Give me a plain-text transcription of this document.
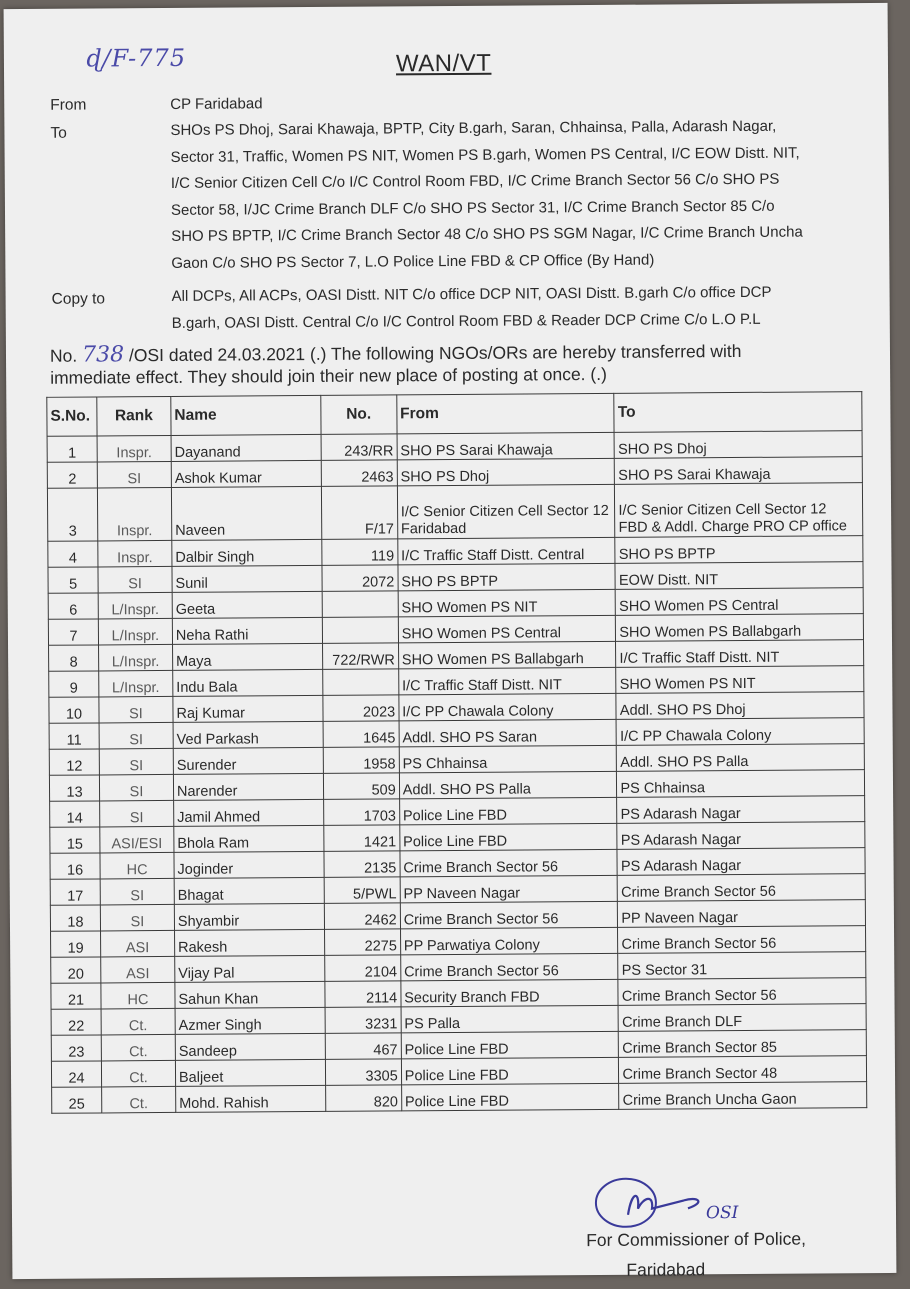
ɖ/F-775	WAN/VT
From	CP Faridabad
To	SHOs PS Dhoj, Sarai Khawaja, BPTP, City B.garh, Saran, Chhainsa, Palla, Adarash Nagar,
Sector 31, Traffic, Women PS NIT, Women PS B.garh, Women PS Central, I/C EOW Distt. NIT,
I/C Senior Citizen Cell C/o I/C Control Room FBD, I/C Crime Branch Sector 56 C/o SHO PS
Sector 58, I/JC Crime Branch DLF C/o SHO PS Sector 31, I/C Crime Branch Sector 85 C/o
SHO PS BPTP, I/C Crime Branch Sector 48 C/o SHO PS SGM Nagar, I/C Crime Branch Uncha
Gaon C/o SHO PS Sector 7, L.O Police Line FBD & CP Office (By Hand)
Copy to	All DCPs, All ACPs, OASI Distt. NIT C/o office DCP NIT, OASI Distt. B.garh C/o office DCP
B.garh, OASI Distt. Central C/o I/C Control Room FBD & Reader DCP Crime C/o L.O P.L
No. 738 /OSI dated 24.03.2021 (.) The following NGOs/ORs are hereby transferred with
immediate effect. They should join their new place of posting at once. (.)
S.No.	Rank	Name	No.	From	To
1	Inspr.	Dayanand	243/RR	SHO PS Sarai Khawaja	SHO PS Dhoj
2	SI	Ashok Kumar	2463	SHO PS Dhoj	SHO PS Sarai Khawaja
3	Inspr.	Naveen	F/17	I/C Senior Citizen Cell Sector 12 Faridabad	I/C Senior Citizen Cell Sector 12 FBD & Addl. Charge PRO CP office
4	Inspr.	Dalbir Singh	119	I/C Traffic Staff Distt. Central	SHO PS BPTP
5	SI	Sunil	2072	SHO PS BPTP	EOW Distt. NIT
6	L/Inspr.	Geeta		SHO Women PS NIT	SHO Women PS Central
7	L/Inspr.	Neha Rathi		SHO Women PS Central	SHO Women PS Ballabgarh
8	L/Inspr.	Maya	722/RWR	SHO Women PS Ballabgarh	I/C Traffic Staff Distt. NIT
9	L/Inspr.	Indu Bala		I/C Traffic Staff Distt. NIT	SHO Women PS NIT
10	SI	Raj Kumar	2023	I/C PP Chawala Colony	Addl. SHO PS Dhoj
11	SI	Ved Parkash	1645	Addl. SHO PS Saran	I/C PP Chawala Colony
12	SI	Surender	1958	PS Chhainsa	Addl. SHO PS Palla
13	SI	Narender	509	Addl. SHO PS Palla	PS Chhainsa
14	SI	Jamil Ahmed	1703	Police Line FBD	PS Adarash Nagar
15	ASI/ESI	Bhola Ram	1421	Police Line FBD	PS Adarash Nagar
16	HC	Joginder	2135	Crime Branch Sector 56	PS Adarash Nagar
17	SI	Bhagat	5/PWL	PP Naveen Nagar	Crime Branch Sector 56
18	SI	Shyambir	2462	Crime Branch Sector 56	PP Naveen Nagar
19	ASI	Rakesh	2275	PP Parwatiya Colony	Crime Branch Sector 56
20	ASI	Vijay Pal	2104	Crime Branch Sector 56	PS Sector 31
21	HC	Sahun Khan	2114	Security Branch FBD	Crime Branch Sector 56
22	Ct.	Azmer Singh	3231	PS Palla	Crime Branch DLF
23	Ct.	Sandeep	467	Police Line FBD	Crime Branch Sector 85
24	Ct.	Baljeet	3305	Police Line FBD	Crime Branch Sector 48
25	Ct.	Mohd. Rahish	820	Police Line FBD	Crime Branch Uncha Gaon
OSI
For Commissioner of Police,

Faridabad
